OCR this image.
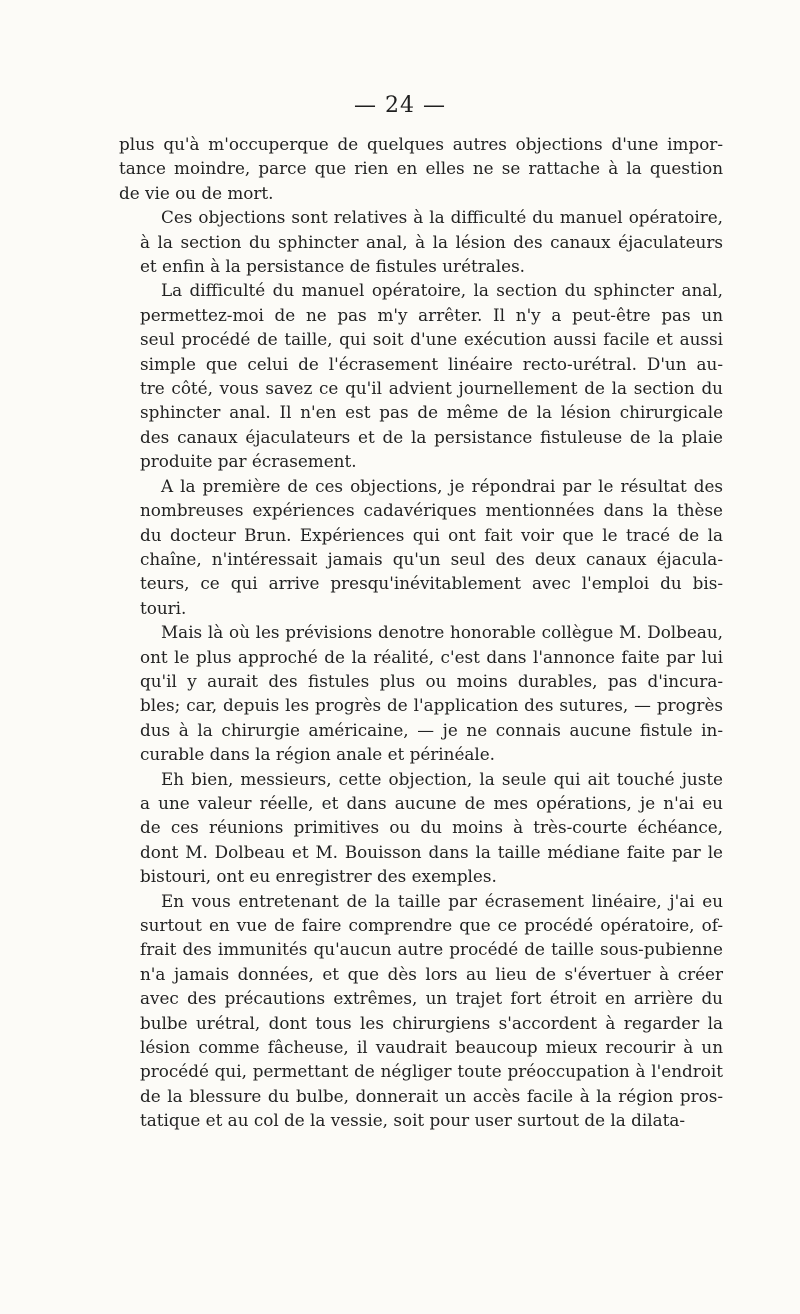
— 24 —
plus qu'à m'occuperque de quelques autres objections d'une impor-
tance moindre, parce que rien en elles ne se rattache à la question
de vie ou de mort.
Ces objections sont relatives à la difficulté du manuel opératoire,
à la section du sphincter anal, à la lésion des canaux éjaculateurs
et enfin à la persistance de fistules urétrales.
La difficulté du manuel opératoire, la section du sphincter anal,
permettez-moi de ne pas m'y arrêter. Il n'y a peut-être pas un
seul procédé de taille, qui soit d'une exécution aussi facile et aussi
simple que celui de l'écrasement linéaire recto-urétral. D'un au-
tre côté, vous savez ce qu'il advient journellement de la section du
sphincter anal. Il n'en est pas de même de la lésion chirurgicale
des canaux éjaculateurs et de la persistance fistuleuse de la plaie
produite par écrasement.
A la première de ces objections, je répondrai par le résultat des
nombreuses expériences cadavériques mentionnées dans la thèse
du docteur Brun. Expériences qui ont fait voir que le tracé de la
chaîne, n'intéressait jamais qu'un seul des deux canaux éjacula-
teurs, ce qui arrive presqu'inévitablement avec l'emploi du bis-
touri.
Mais là où les prévisions denotre honorable collègue M. Dolbeau,
ont le plus approché de la réalité, c'est dans l'annonce faite par lui
qu'il y aurait des fistules plus ou moins durables, pas d'incura-
bles; car, depuis les progrès de l'application des sutures, — progrès
dus à la chirurgie américaine, — je ne connais aucune fistule in-
curable dans la région anale et périnéale.
Eh bien, messieurs, cette objection, la seule qui ait touché juste
a une valeur réelle, et dans aucune de mes opérations, je n'ai eu
de ces réunions primitives ou du moins à très-courte échéance,
dont M. Dolbeau et M. Bouisson dans la taille médiane faite par le
bistouri, ont eu enregistrer des exemples.
En vous entretenant de la taille par écrasement linéaire, j'ai eu
surtout en vue de faire comprendre que ce procédé opératoire, of-
frait des immunités qu'aucun autre procédé de taille sous-pubienne
n'a jamais données, et que dès lors au lieu de s'évertuer à créer
avec des précautions extrêmes, un trajet fort étroit en arrière du
bulbe urétral, dont tous les chirurgiens s'accordent à regarder la
lésion comme fâcheuse, il vaudrait beaucoup mieux recourir à un
procédé qui, permettant de négliger toute préoccupation à l'endroit
de la blessure du bulbe, donnerait un accès facile à la région pros-
tatique et au col de la vessie, soit pour user surtout de la dilata-
